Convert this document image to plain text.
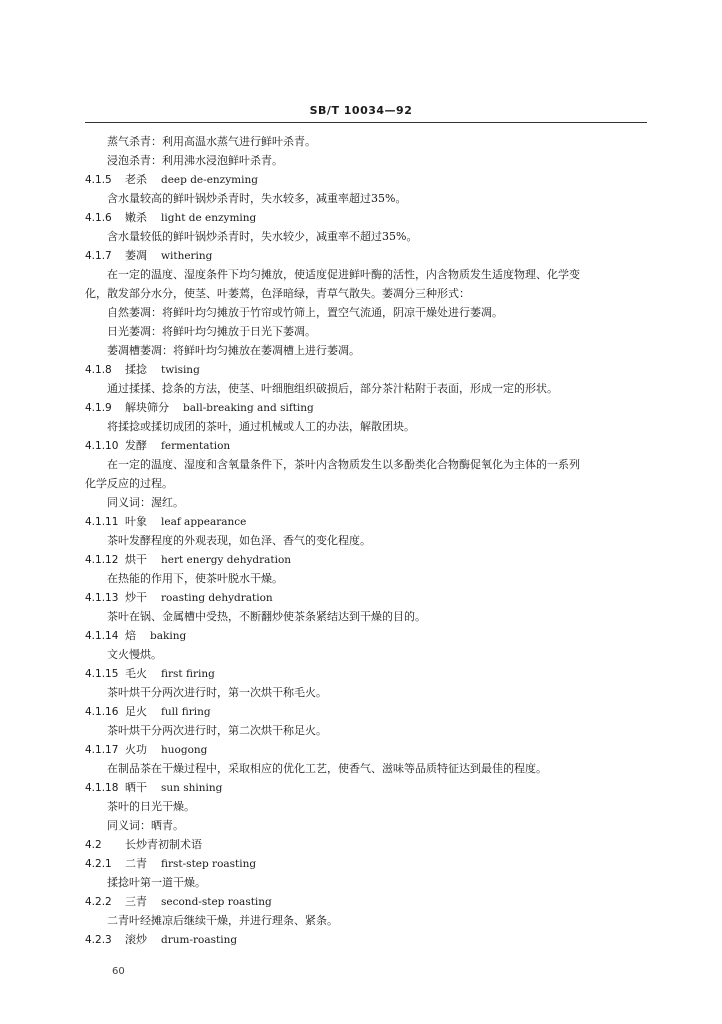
SB/T 10034—92
蒸气杀青：利用高温水蒸气进行鲜叶杀青。
浸泡杀青：利用沸水浸泡鲜叶杀青。
4.1.5 老杀 deep de-enzyming
含水量较高的鲜叶锅炒杀青时，失水较多，减重率超过35%。
4.1.6 嫩杀 light de enzyming
含水量较低的鲜叶锅炒杀青时，失水较少，减重率不超过35%。
4.1.7 萎凋 withering
在一定的温度、湿度条件下均匀摊放，使适度促进鲜叶酶的活性，内含物质发生适度物理、化学变
化，散发部分水分，使茎、叶萎蔫，色泽暗绿，青草气散失。萎凋分三种形式：
自然萎凋：将鲜叶均匀摊放于竹帘或竹筛上，置空气流通，阴凉干燥处进行萎凋。
日光萎凋：将鲜叶均匀摊放于日光下萎凋。
萎凋槽萎凋：将鲜叶均匀摊放在萎凋槽上进行萎凋。
4.1.8 揉捻 twising
通过揉揉、捻条的方法，使茎、叶细胞组织破损后，部分茶汁粘附于表面，形成一定的形状。
4.1.9 解块筛分 ball-breaking and sifting
将揉捻或揉切成团的茶叶，通过机械或人工的办法，解散团块。
4.1.10 发酵 fermentation
在一定的温度、湿度和含氧量条件下，茶叶内含物质发生以多酚类化合物酶促氧化为主体的一系列
化学反应的过程。
同义词：渥红。
4.1.11 叶象 leaf appearance
茶叶发酵程度的外观表现，如色泽、香气的变化程度。
4.1.12 烘干 hert energy dehydration
在热能的作用下，使茶叶脱水干燥。
4.1.13 炒干 roasting dehydration
茶叶在锅、金属槽中受热，不断翻炒使茶条紧结达到干燥的目的。
4.1.14 焙 baking
文火慢烘。
4.1.15 毛火 first firing
茶叶烘干分两次进行时，第一次烘干称毛火。
4.1.16 足火 full firing
茶叶烘干分两次进行时，第二次烘干称足火。
4.1.17 火功 huogong
在制品茶在干燥过程中，采取相应的优化工艺，使香气、滋味等品质特征达到最佳的程度。
4.1.18 晒干 sun shining
茶叶的日光干燥。
同义词：晒青。
4.2 长炒青初制术语
4.2.1 二青 first-step roasting
揉捻叶第一道干燥。
4.2.2 三青 second-step roasting
二青叶经摊凉后继续干燥，并进行理条、紧条。
4.2.3 滚炒 drum-roasting
60
